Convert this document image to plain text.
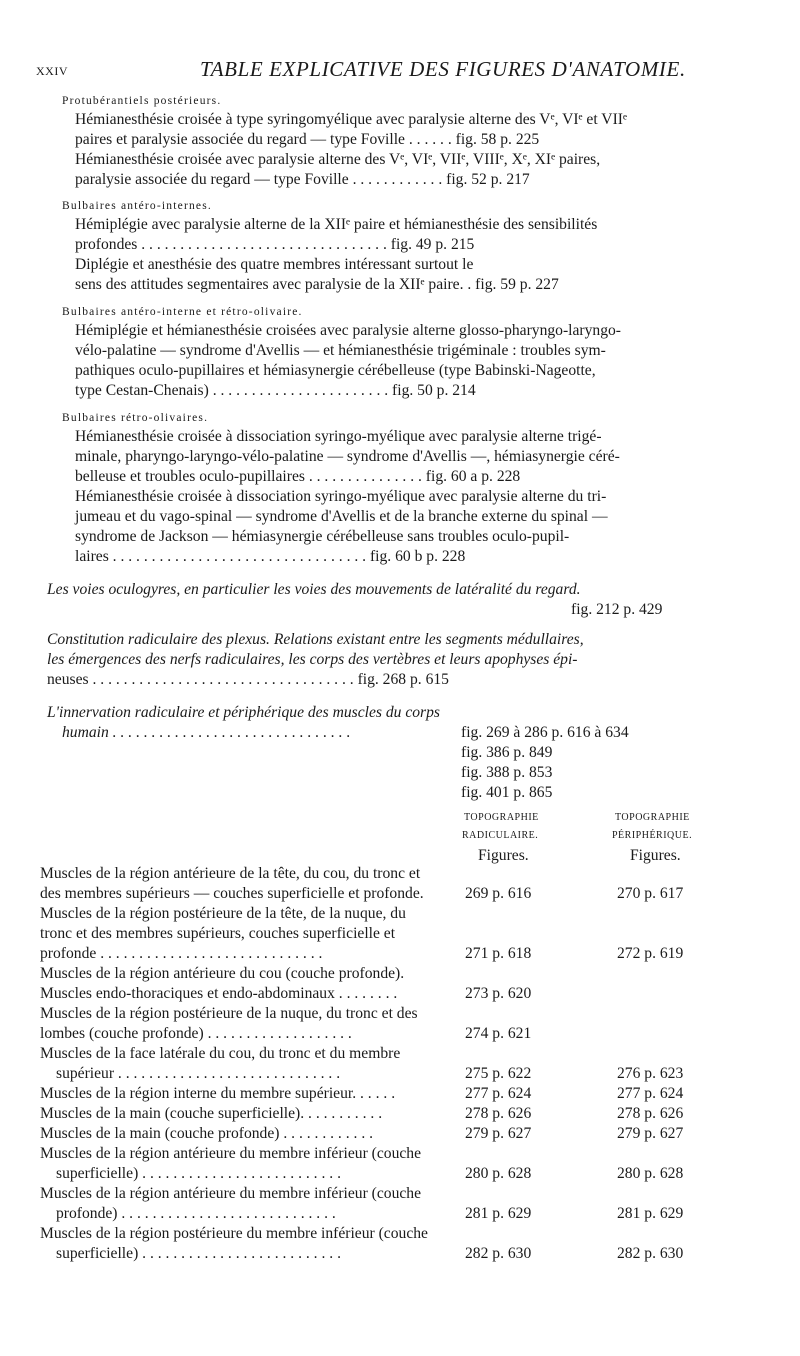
XXIV	TABLE EXPLICATIVE DES FIGURES D'ANATOMIE.
Protubérantiels postérieurs.
Hémianesthésie croisée à type syringomyélique avec paralysie alterne des Vᵉ, VIᵉ et VIIᵉ
paires et paralysie associée du regard — type Foville . . . . . . fig. 58 p. 225
Hémianesthésie croisée avec paralysie alterne des Vᵉ, VIᵉ, VIIᵉ, VIIIᵉ, Xᵉ, XIᵉ paires,
paralysie associée du regard — type Foville . . . . . . . . . . . . fig. 52 p. 217
Bulbaires antéro-internes.
Hémiplégie avec paralysie alterne de la XIIᵉ paire et hémianesthésie des sensibilités
profondes . . . . . . . . . . . . . . . . . . . . . . . . . . . . . . . . fig. 49 p. 215
Diplégie et anesthésie des quatre membres intéressant surtout le
sens des attitudes segmentaires avec paralysie de la XIIᵉ paire. . fig. 59 p. 227
Bulbaires antéro-interne et rétro-olivaire.
Hémiplégie et hémianesthésie croisées avec paralysie alterne glosso-pharyngo-laryngo-
vélo-palatine — syndrome d'Avellis — et hémianesthésie trigéminale : troubles sym-
pathiques oculo-pupillaires et hémiasynergie cérébelleuse (type Babinski-Nageotte,
type Cestan-Chenais) . . . . . . . . . . . . . . . . . . . . . . . fig. 50 p. 214
Bulbaires rétro-olivaires.
Hémianesthésie croisée à dissociation syringo-myélique avec paralysie alterne trigé-
minale, pharyngo-laryngo-vélo-palatine — syndrome d'Avellis —, hémiasynergie céré-
belleuse et troubles oculo-pupillaires . . . . . . . . . . . . . . . fig. 60 a p. 228
Hémianesthésie croisée à dissociation syringo-myélique avec paralysie alterne du tri-
jumeau et du vago-spinal — syndrome d'Avellis et de la branche externe du spinal —
syndrome de Jackson — hémiasynergie cérébelleuse sans troubles oculo-pupil-
laires . . . . . . . . . . . . . . . . . . . . . . . . . . . . . . . . . fig. 60 b p. 228
Les voies oculogyres, en particulier les voies des mouvements de latéralité du regard.
fig. 212 p. 429
Constitution radiculaire des plexus. Relations existant entre les segments médullaires,
les émergences des nerfs radiculaires, les corps des vertèbres et leurs apophyses épi-
neuses . . . . . . . . . . . . . . . . . . . . . . . . . . . . . . . . . . fig. 268 p. 615
L'innervation radiculaire et périphérique des muscles du corps
humain . . . . . . . . . . . . . . . . . . . . . . . . . . . . . . .	fig. 269 à 286 p. 616 à 634
fig. 386 p. 849
fig. 388 p. 853
fig. 401 p. 865
TOPOGRAPHIE	TOPOGRAPHIE
RADICULAIRE.	PÉRIPHÉRIQUE.
Figures.	Figures.
Muscles de la région antérieure de la tête, du cou, du tronc et
des membres supérieurs — couches superficielle et profonde.	269 p. 616	270 p. 617
Muscles de la région postérieure de la tête, de la nuque, du
tronc et des membres supérieurs, couches superficielle et
profonde . . . . . . . . . . . . . . . . . . . . . . . . . . . . .	271 p. 618	272 p. 619
Muscles de la région antérieure du cou (couche profonde).
Muscles endo-thoraciques et endo-abdominaux . . . . . . . .	273 p. 620
Muscles de la région postérieure de la nuque, du tronc et des
lombes (couche profonde) . . . . . . . . . . . . . . . . . . .	274 p. 621
Muscles de la face latérale du cou, du tronc et du membre
supérieur . . . . . . . . . . . . . . . . . . . . . . . . . . . . .	275 p. 622	276 p. 623
Muscles de la région interne du membre supérieur. . . . . .	277 p. 624	277 p. 624
Muscles de la main (couche superficielle). . . . . . . . . . .	278 p. 626	278 p. 626
Muscles de la main (couche profonde) . . . . . . . . . . . .	279 p. 627	279 p. 627
Muscles de la région antérieure du membre inférieur (couche
superficielle) . . . . . . . . . . . . . . . . . . . . . . . . . .	280 p. 628	280 p. 628
Muscles de la région antérieure du membre inférieur (couche
profonde) . . . . . . . . . . . . . . . . . . . . . . . . . . . .	281 p. 629	281 p. 629
Muscles de la région postérieure du membre inférieur (couche
superficielle) . . . . . . . . . . . . . . . . . . . . . . . . . .	282 p. 630	282 p. 630
